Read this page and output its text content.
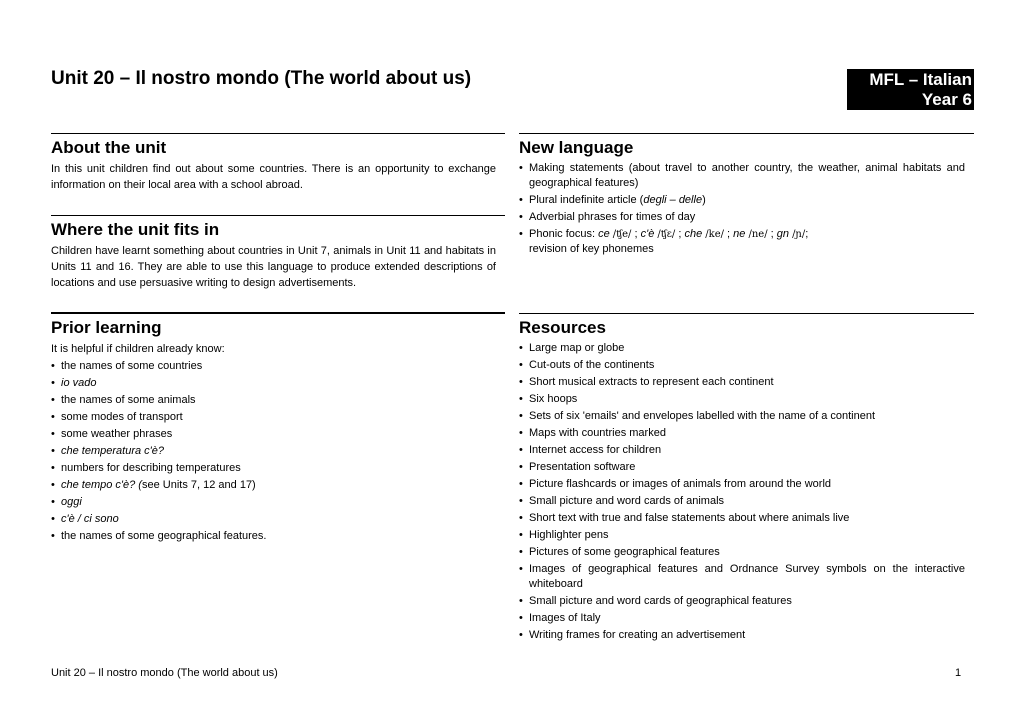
Unit 20 – Il nostro mondo (The world about us)	MFL – Italian
Year 6
About the unit

In this unit children find out about some countries. There is an opportunity to exchange information on their local area with a school abroad.

Where the unit fits in

Children have learnt something about countries in Unit 7, animals in Unit 11 and habitats in Units 11 and 16. They are able to use this language to produce extended descriptions of locations and use persuasive writing to design advertisements.

New language
• Making statements (about travel to another country, the weather, animal habitats and geographical features)
• Plural indefinite article (degli – delle)
• Adverbial phrases for times of day
• Phonic focus: ce /ʧe/ ; c'è /ʧɛ/ ; che /ke/ ; ne /ne/ ; gn /ɲ/;
revision of key phonemes
Prior learning

It is helpful if children already know:

• the names of some countries
• io vado
• the names of some animals
• some modes of transport
• some weather phrases
• che temperatura c'è?
• numbers for describing temperatures
• che tempo c'è? (see Units 7, 12 and 17)
• oggi
• c'è / ci sono
• the names of some geographical features.
Resources
• Large map or globe
• Cut-outs of the continents
• Short musical extracts to represent each continent
• Six hoops
• Sets of six 'emails' and envelopes labelled with the name of a continent
• Maps with countries marked
• Internet access for children
• Presentation software
• Picture flashcards or images of animals from around the world
• Small picture and word cards of animals
• Short text with true and false statements about where animals live
• Highlighter pens
• Pictures of some geographical features
• Images of geographical features and Ordnance Survey symbols on the interactive whiteboard
• Small picture and word cards of geographical features
• Images of Italy
• Writing frames for creating an advertisement
Unit 20 – Il nostro mondo (The world about us)	1
